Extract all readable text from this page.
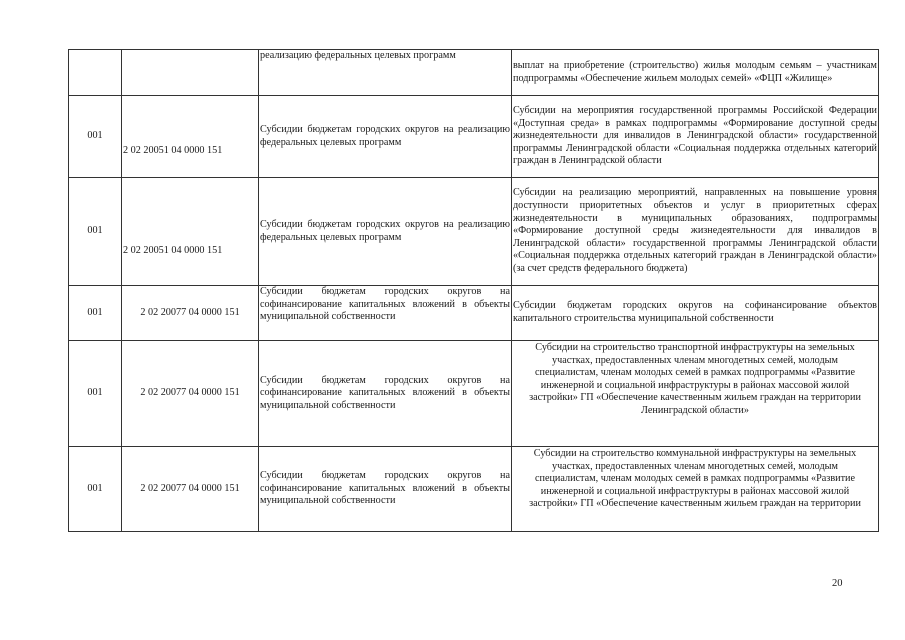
		реализацию федеральных целевых программ	выплат на приобретение (строительство) жилья молодым семьям – участникам подпрограммы «Обеспечение жильем молодых семей» «ФЦП «Жилище»
001	2 02 20051 04 0000 151	Субсидии бюджетам городских округов на реализацию федеральных целевых программ	Субсидии на мероприятия государственной программы Российской Федерации «Доступная среда» в рамках подпрограммы «Формирование доступной среды жизнедеятельности для инвалидов в Ленинградской области» государственной программы Ленинградской области «Социальная поддержка отдельных категорий граждан в Ленинградской области
001	2 02 20051 04 0000 151	Субсидии бюджетам городских округов на реализацию федеральных целевых программ	Субсидии на реализацию мероприятий, направленных на повышение уровня доступности приоритетных объектов и услуг в приоритетных сферах жизнедеятельности в муниципальных образованиях, подпрограммы «Формирование доступной среды жизнедеятельности для инвалидов в Ленинградской области» государственной программы Ленинградской области «Социальная поддержка отдельных категорий граждан в Ленинградской области» (за счет средств федерального бюджета)
001	2 02 20077 04 0000 151	Субсидии бюджетам городских округов на софинансирование капитальных вложений в объекты муниципальной собственности	Субсидии бюджетам городских округов на софинансирование объектов капитального строительства муниципальной собственности
001	2 02 20077 04 0000 151	Субсидии бюджетам городских округов на софинансирование капитальных вложений в объекты муниципальной собственности	Субсидии на строительство транспортной инфраструктуры на земельных участках, предоставленных членам многодетных семей, молодым специалистам, членам молодых семей в рамках подпрограммы «Развитие инженерной и социальной инфраструктуры в районах массовой жилой застройки» ГП «Обеспечение качественным жильем граждан на территории Ленинградской области»
001	2 02 20077 04 0000 151	Субсидии бюджетам городских округов на софинансирование капитальных вложений в объекты муниципальной собственности	Субсидии на строительство коммунальной инфраструктуры на земельных участках, предоставленных членам многодетных семей, молодым специалистам, членам молодых семей в рамках подпрограммы «Развитие инженерной и социальной инфраструктуры в районах массовой жилой застройки» ГП «Обеспечение качественным жильем граждан на территории
20
